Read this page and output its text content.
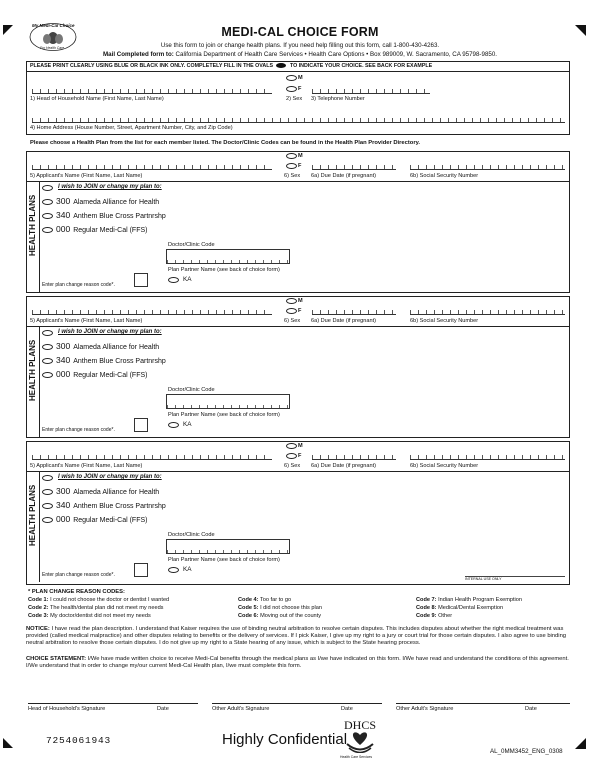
My Medi-Cal Choice
For Health Care
MEDI-CAL CHOICE FORM
Use this form to join or change health plans. If you need help filling out this form, call 1-800-430-4263.
Mail Completed form to: California Department of Health Care Services • Health Care Options • Box 989009, W. Sacramento, CA 95798-9850.
PLEASE PRINT CLEARLY USING BLUE OR BLACK INK ONLY. COMPLETELY FILL IN THE OVALS	TO INDICATE YOUR CHOICE. SEE BACK FOR EXAMPLE
1) Head of Household Name (First Name, Last Name)
M
F
2) Sex 3) Telephone Number
4) Home Address (House Number, Street, Apartment Number, City, and Zip Code)
Please choose a Health Plan from the list for each member listed. The Doctor/Clinic Codes can be found in the Health Plan Provider Directory.
M
F
5) Applicant's Name (First Name, Last Name)	6) Sex 6a) Due Date (if pregnant)	6b) Social Security Number
HEALTH PLANS
I wish to JOIN or change my plan to:
300 Alameda Alliance for Health
340 Anthem Blue Cross Partnrshp
000 Regular Medi-Cal (FFS)
Doctor/Clinic Code
Plan Partner Name (see back of choice form)
KA
Enter plan change reason code*.
M
F
5) Applicant's Name (First Name, Last Name)	6) Sex 6a) Due Date (if pregnant)	6b) Social Security Number
HEALTH PLANS
I wish to JOIN or change my plan to:
300 Alameda Alliance for Health
340 Anthem Blue Cross Partnrshp
000 Regular Medi-Cal (FFS)
Doctor/Clinic Code
Plan Partner Name (see back of choice form)
KA
Enter plan change reason code*.
M
F
5) Applicant's Name (First Name, Last Name)	6) Sex 6a) Due Date (if pregnant)	6b) Social Security Number
HEALTH PLANS
I wish to JOIN or change my plan to:
300 Alameda Alliance for Health
340 Anthem Blue Cross Partnrshp
000 Regular Medi-Cal (FFS)
Doctor/Clinic Code
Plan Partner Name (see back of choice form)
KA
Enter plan change reason code*.
INTERNAL USE ONLY
* PLAN CHANGE REASON CODES:
Code 1: I could not choose the doctor or dentist I wanted
Code 2: The health/dental plan did not meet my needs
Code 3: My doctor/dentist did not meet my needs
Code 4: Too far to go
Code 5: I did not choose this plan
Code 6: Moving out of the county
Code 7: Indian Health Program Exemption
Code 8: Medical/Dental Exemption
Code 9: Other
NOTICE: I have read the plan description. I understand that Kaiser requires the use of binding neutral arbitration to resolve certain disputes. This includes disputes about whether the right medical treatment was provided (called medical malpractice) and other disputes relating to benefits or the delivery of services. If I pick Kaiser, I give up my right to a jury or court trial for those certain disputes. I also agree to use binding neutral arbitration to resolve those certain disputes. I do not give up my right to a State hearing of any issue, which is subject to the State hearing process.
CHOICE STATEMENT: I/We have made written choice to receive Medi-Cal benefits through the medical plans as I/we have indicated on this form. I/We have read and understand the conditions of this agreement. I/We understand that in order to change my/our current Medi-Cal Health plan, I/we must complete this form.
Head of Household's Signature	Date	Other Adult's Signature	Date	Other Adult's Signature	Date
7254061943	Highly Confidential
DHCS
Health Care Services
AL_0MM3452_ENG_0308
